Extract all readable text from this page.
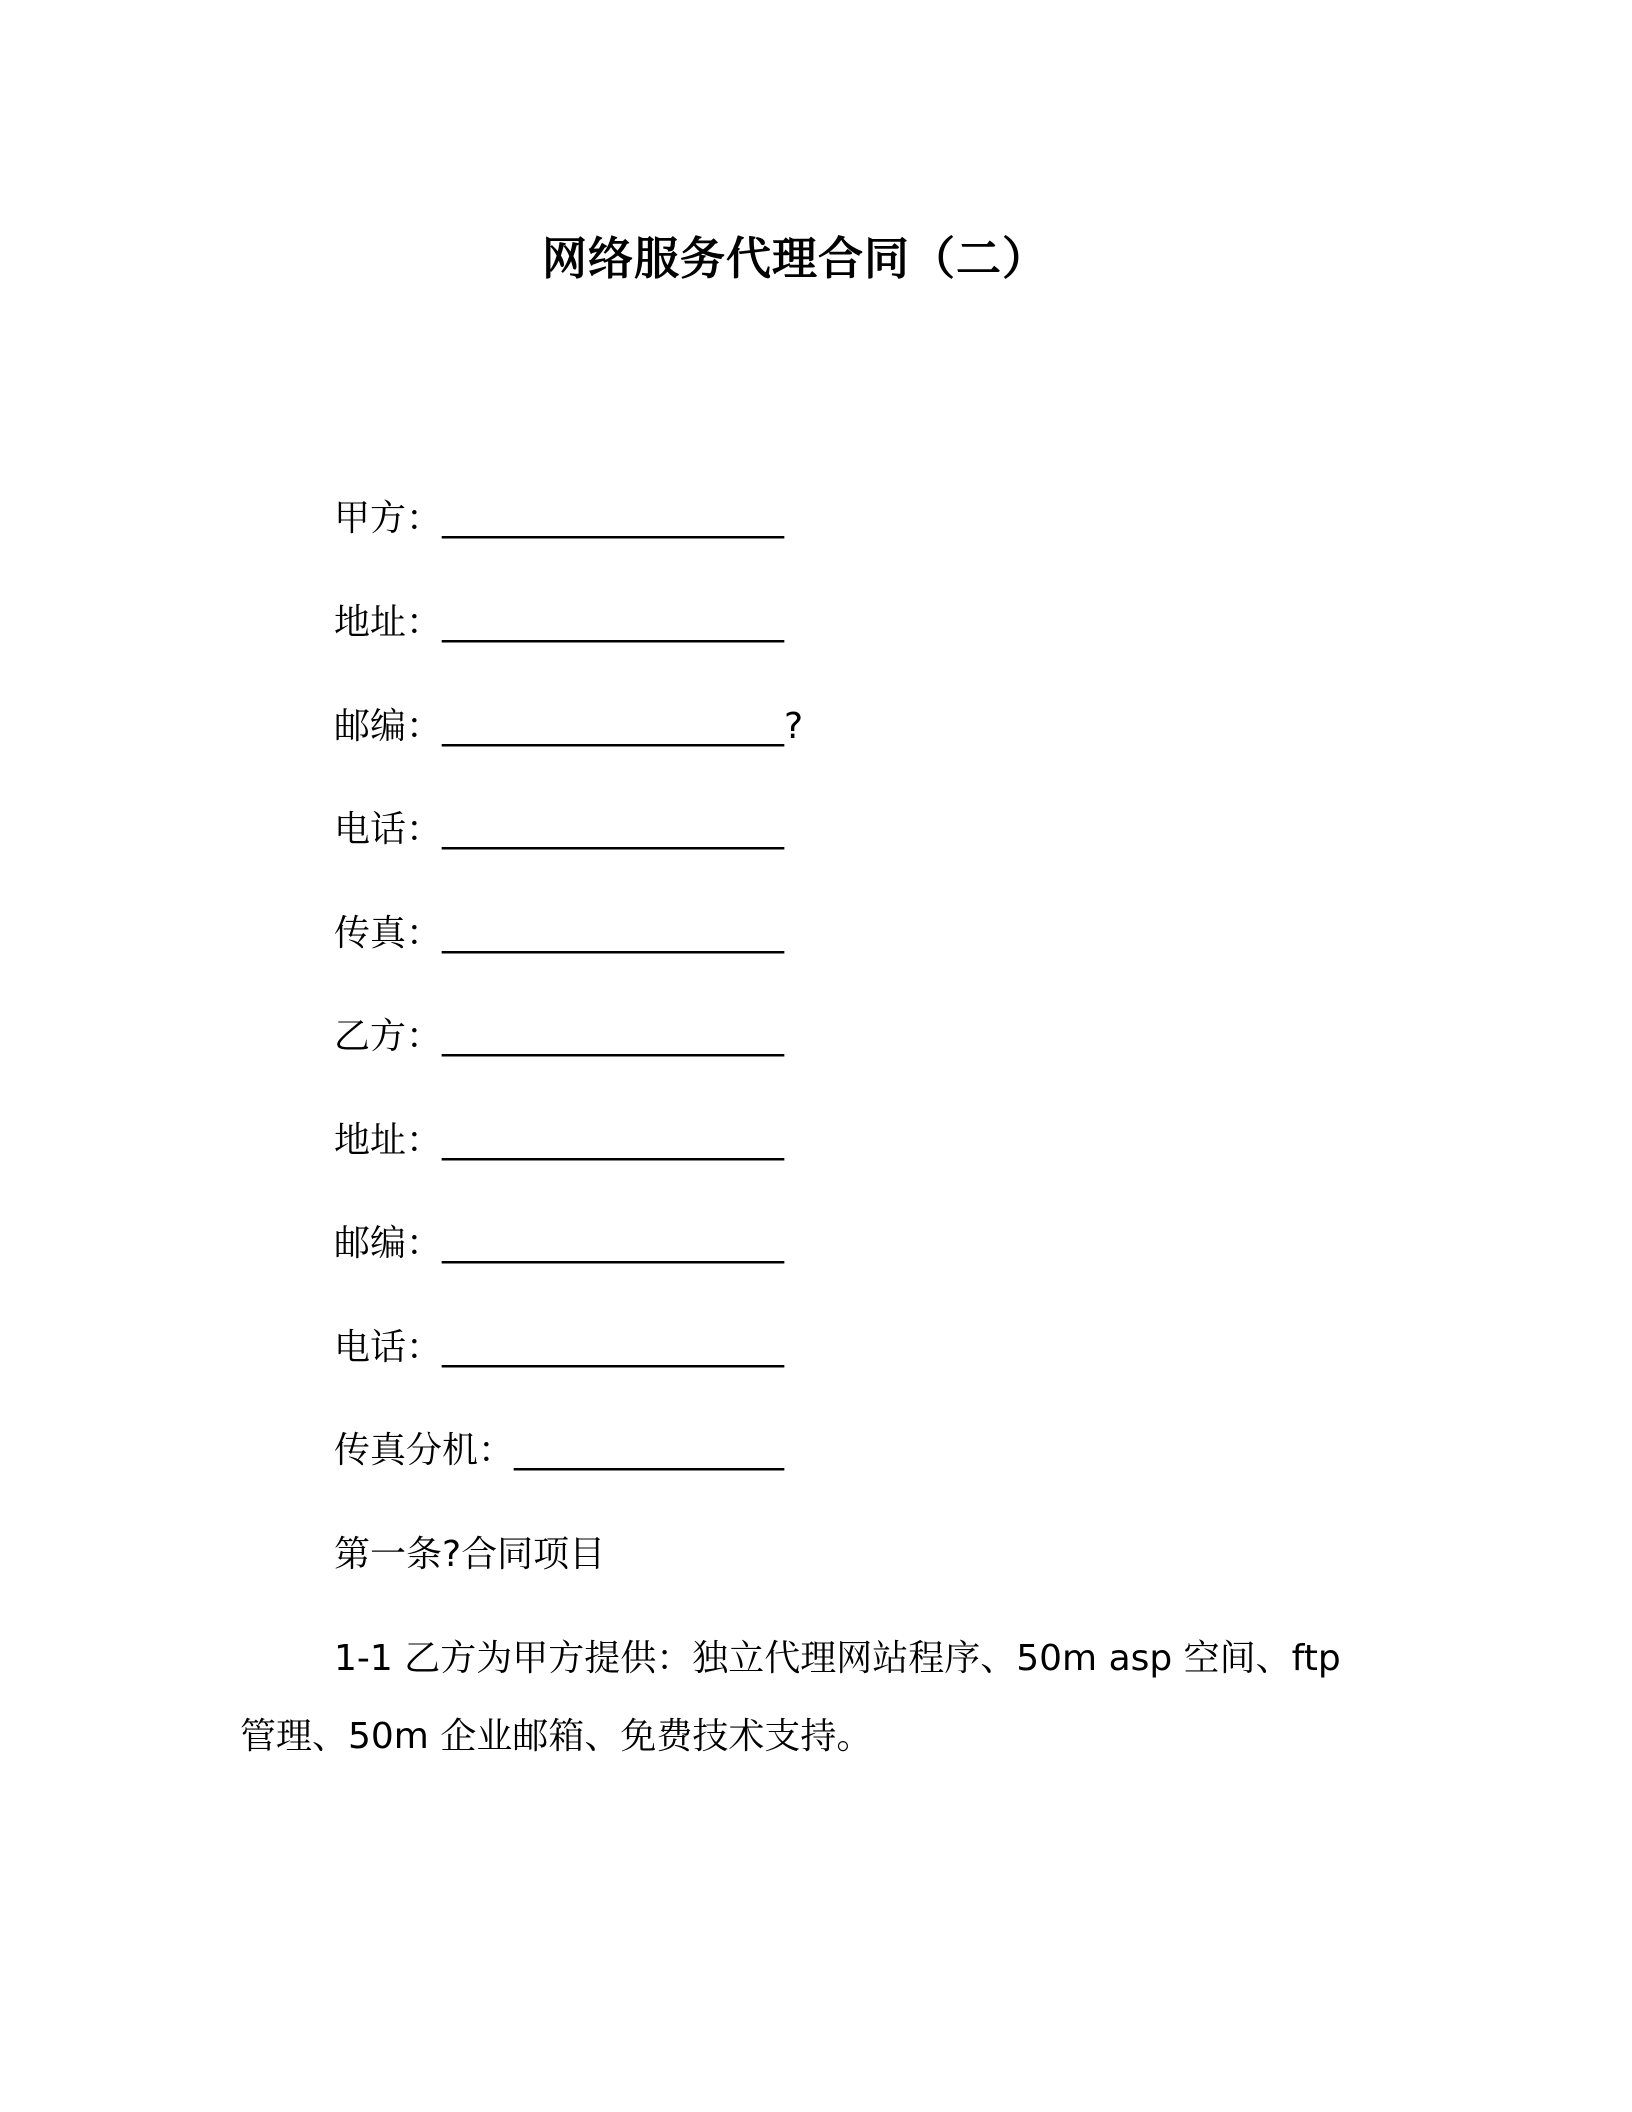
网络服务代理合同（二）
甲方：___________________
地址：___________________
邮编：___________________?
电话：___________________
传真：___________________
乙方：___________________
地址：___________________
邮编：___________________
电话：___________________
传真分机：_______________
第一条?合同项目
1-1 乙方为甲方提供：独立代理网站程序、50m asp 空间、ftp
管理、50m 企业邮箱、免费技术支持。
